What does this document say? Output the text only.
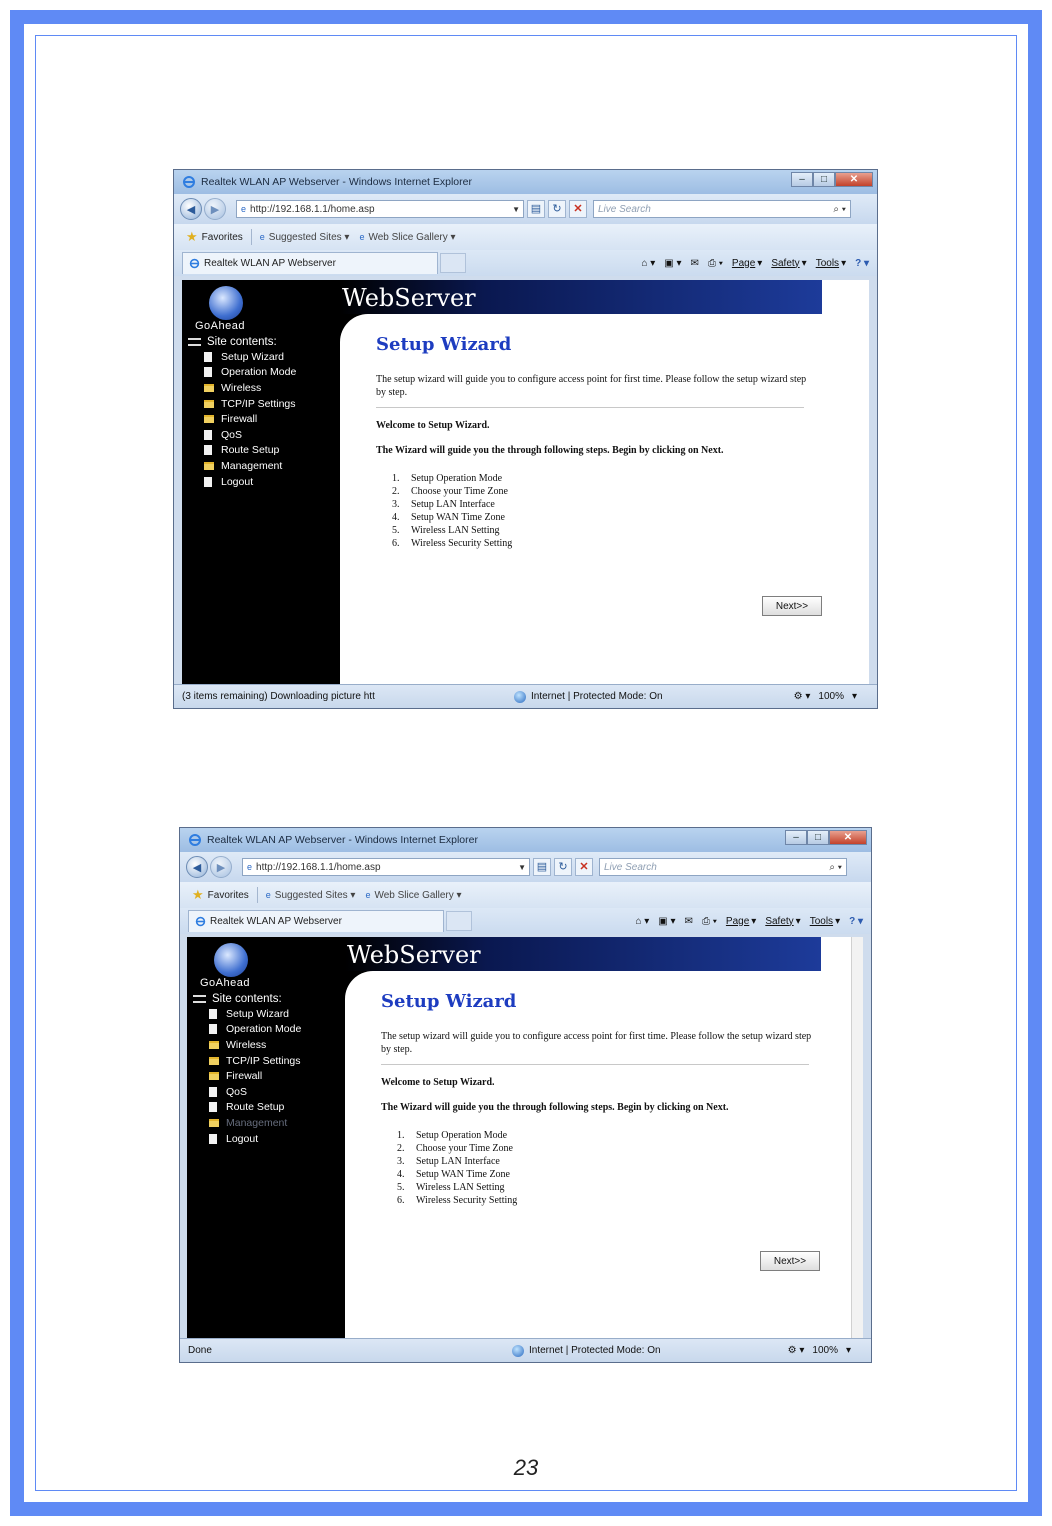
Realtek WLAN AP Webserver - Windows Internet Explorer	–	□	✕
◀	▶	e http://192.168.1.1/home.asp	▼ ▤	↻	✕	Live Search	⌕ ▾
★ Favorites e Suggested Sites ▾ e Web Slice Gallery ▾
Realtek WLAN AP Webserver	⌂ ▾ ▣ ▾ ✉ ⎙ ▾ Page ▾ Safety ▾ Tools ▾ ? ▾
GoAhead
WebServer
Site contents:
Setup Wizard
Operation Mode
Wireless
TCP/IP Settings
Firewall
QoS
Route Setup
Management
Logout
Setup Wizard
The setup wizard will guide you to configure access point for first time. Please follow the setup wizard step by step.
Welcome to Setup Wizard.
The Wizard will guide you the through following steps. Begin by clicking on Next.
1.	Setup Operation Mode
2.	Choose your Time Zone
3.	Setup LAN Interface
4.	Setup WAN Time Zone
5.	Wireless LAN Setting
6.	Wireless Security Setting
Next>>
(3 items remaining) Downloading picture htt	Internet | Protected Mode: On	⚙ ▾ 100% ▾
Realtek WLAN AP Webserver - Windows Internet Explorer	–	□	✕
◀	▶	e http://192.168.1.1/home.asp	▼ ▤	↻	✕	Live Search	⌕ ▾
★ Favorites e Suggested Sites ▾ e Web Slice Gallery ▾
Realtek WLAN AP Webserver	⌂ ▾ ▣ ▾ ✉ ⎙ ▾ Page ▾ Safety ▾ Tools ▾ ? ▾
GoAhead
WebServer
Site contents:
Setup Wizard
Operation Mode
Wireless
TCP/IP Settings
Firewall
QoS
Route Setup
Management
Logout
Setup Wizard
The setup wizard will guide you to configure access point for first time. Please follow the setup wizard step by step.
Welcome to Setup Wizard.
The Wizard will guide you the through following steps. Begin by clicking on Next.
1.	Setup Operation Mode
2.	Choose your Time Zone
3.	Setup LAN Interface
4.	Setup WAN Time Zone
5.	Wireless LAN Setting
6.	Wireless Security Setting
Next>>
Done	Internet | Protected Mode: On	⚙ ▾ 100% ▾
23
